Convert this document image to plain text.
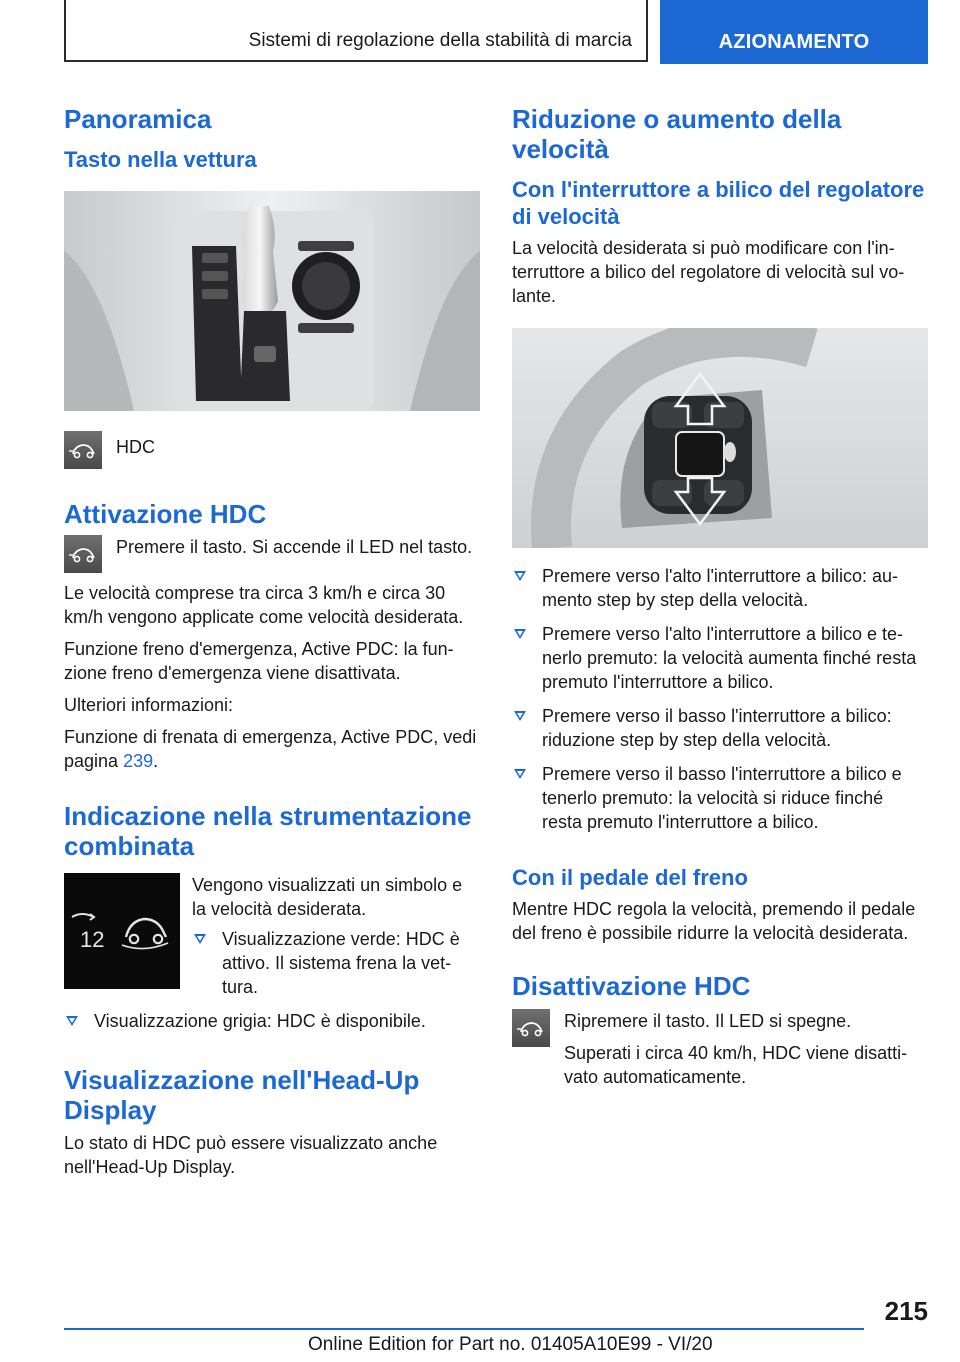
Sistemi di regolazione della stabilità di marcia	AZIONAMENTO
Panoramica
Tasto nella vettura
HDC
Attivazione HDC
Premere il tasto. Si accende il LED nel tasto.

Le velocità comprese tra circa 3 km/h e circa 30 km/h vengono applicate come velocità desiderata.

Funzione freno d'emergenza, Active PDC: la funzione freno d'emergenza viene disattivata.

Ulteriori informazioni:

Funzione di frenata di emergenza, Active PDC, vedi pagina 239.

Indicazione nella strumentazione combinata
12

Vengono visualizzati un simbolo e la velocità desiderata.

Visualizzazione verde: HDC è attivo. Il sistema frena la vettura.
Visualizzazione grigia: HDC è disponibile.
Visualizzazione nell'Head-Up Display

Lo stato di HDC può essere visualizzato anche nell'Head-Up Display.

Riduzione o aumento della velocità
Con l'interruttore a bilico del regolatore di velocità

La velocità desiderata si può modificare con l'interruttore a bilico del regolatore di velocità sul volante.

Premere verso l'alto l'interruttore a bilico: aumento step by step della velocità.
Premere verso l'alto l'interruttore a bilico e tenerlo premuto: la velocità aumenta finché resta premuto l'interruttore a bilico.
Premere verso il basso l'interruttore a bilico: riduzione step by step della velocità.
Premere verso il basso l'interruttore a bilico e tenerlo premuto: la velocità si riduce finché resta premuto l'interruttore a bilico.
Con il pedale del freno

Mentre HDC regola la velocità, premendo il pedale del freno è possibile ridurre la velocità desiderata.

Disattivazione HDC
Ripremere il tasto. Il LED si spegne.
Superati i circa 40 km/h, HDC viene disattivato automaticamente.
215
Online Edition for Part no. 01405A10E99 - VI/20
